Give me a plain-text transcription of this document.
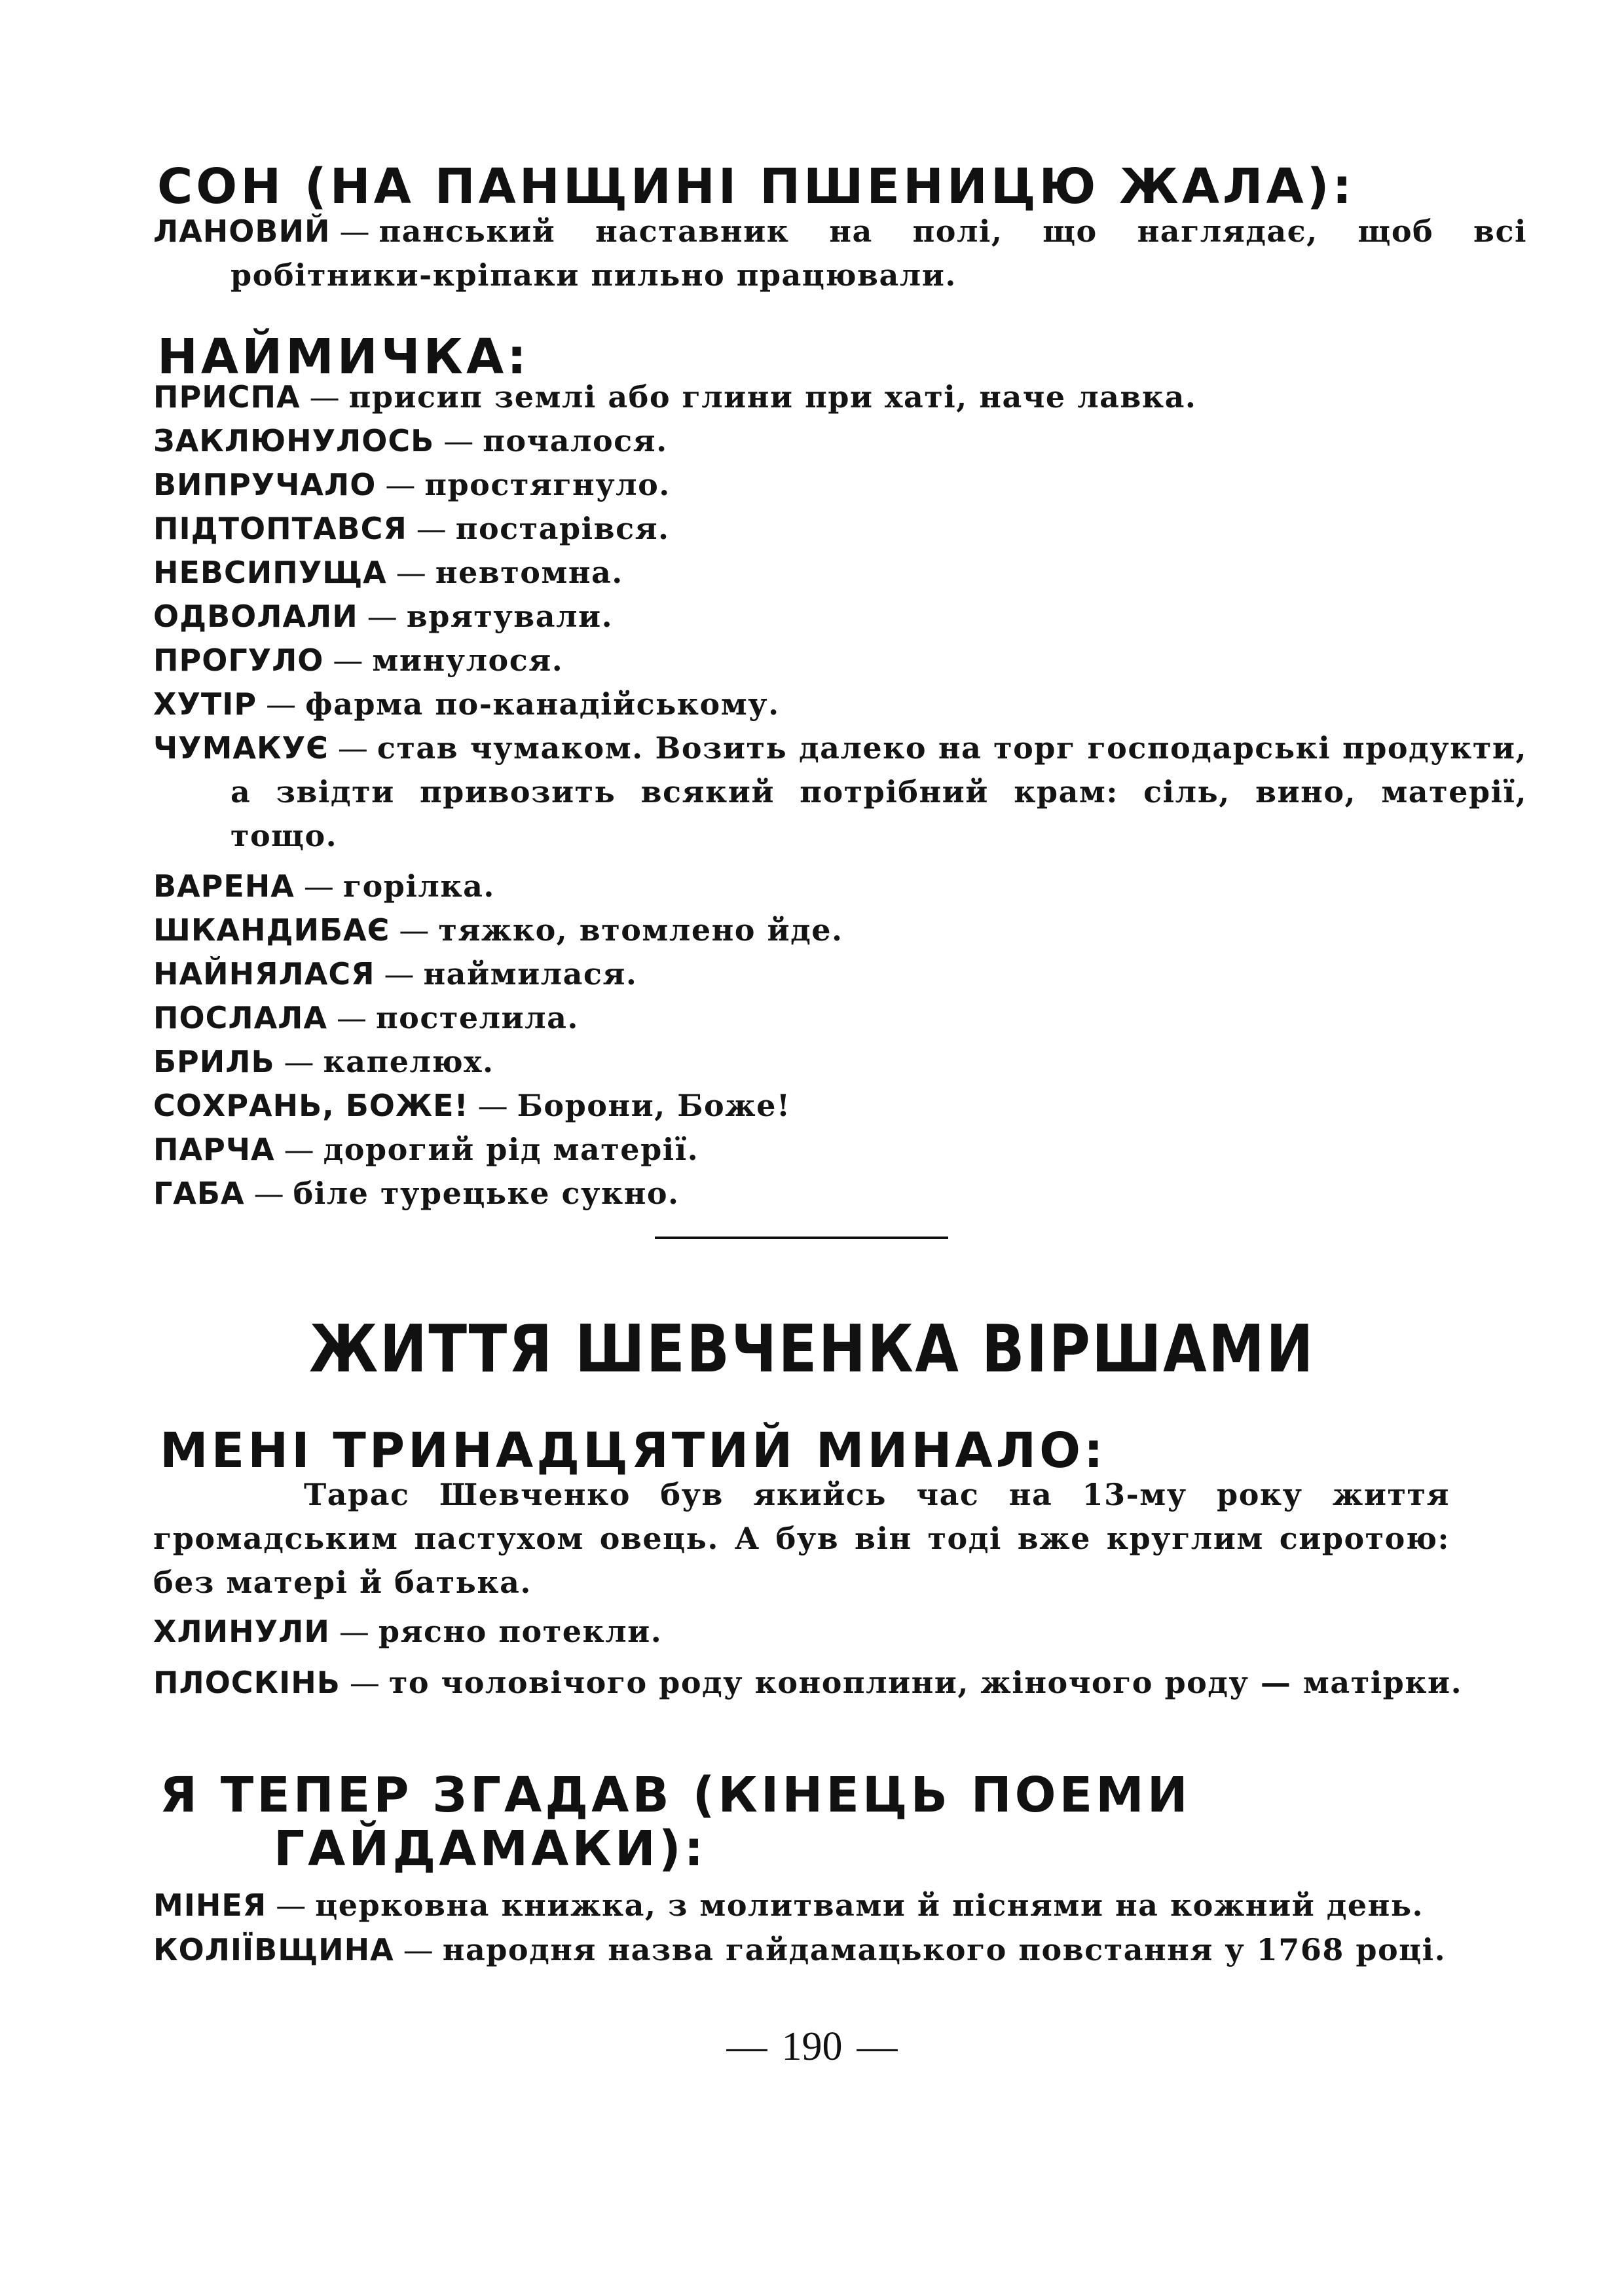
СОН (НА ПАНЩИНІ ПШЕНИЦЮ ЖАЛА):

ЛАНОВИЙ — панський наставник на полі, що наглядає, щоб всі робітники-кріпаки пильно працювали.

НАЙМИЧКА:

ПРИСПА — присип землі або глини при хаті, наче лавка.

ЗАКЛЮНУЛОСЬ — почалося.

ВИПРУЧАЛО — простягнуло.

ПІДТОПТАВСЯ — постарівся.

НЕВСИПУЩА — невтомна.

ОДВОЛАЛИ — врятували.

ПРОГУЛО — минулося.

ХУТІР — фарма по-канадійському.

ЧУМАКУЄ — став чумаком. Возить далеко на торг господарські продукти, а звідти привозить всякий потрібний крам: сіль, вино, матерії, тощо.

ВАРЕНА — горілка.

ШКАНДИБАЄ — тяжко, втомлено йде.

НАЙНЯЛАСЯ — наймилася.

ПОСЛАЛА — постелила.

БРИЛЬ — капелюх.

СОХРАНЬ, БОЖЕ! — Борони, Боже!

ПАРЧА — дорогий рід матерії.

ГАБА — біле турецьке сукно.

ЖИТТЯ ШЕВЧЕНКА ВІРШАМИ
МЕНІ ТРИНАДЦЯТИЙ МИНАЛО:

Тарас Шевченко був якийсь час на 13-му року життя громадським пастухом овець. А був він тоді вже круглим сиротою: без матері й батька.

ХЛИНУЛИ — рясно потекли.

ПЛОСКІНЬ — то чоловічого роду коноплини, жіночого роду — матірки.

Я ТЕПЕР ЗГАДАВ (КІНЕЦЬ ПОЕМИ
ГАЙДАМАКИ):

МІНЕЯ — церковна книжка, з молитвами й піснями на кожний день.

КОЛІЇВЩИНА — народня назва гайдамацького повстання у 1768 році.

— 190 —
